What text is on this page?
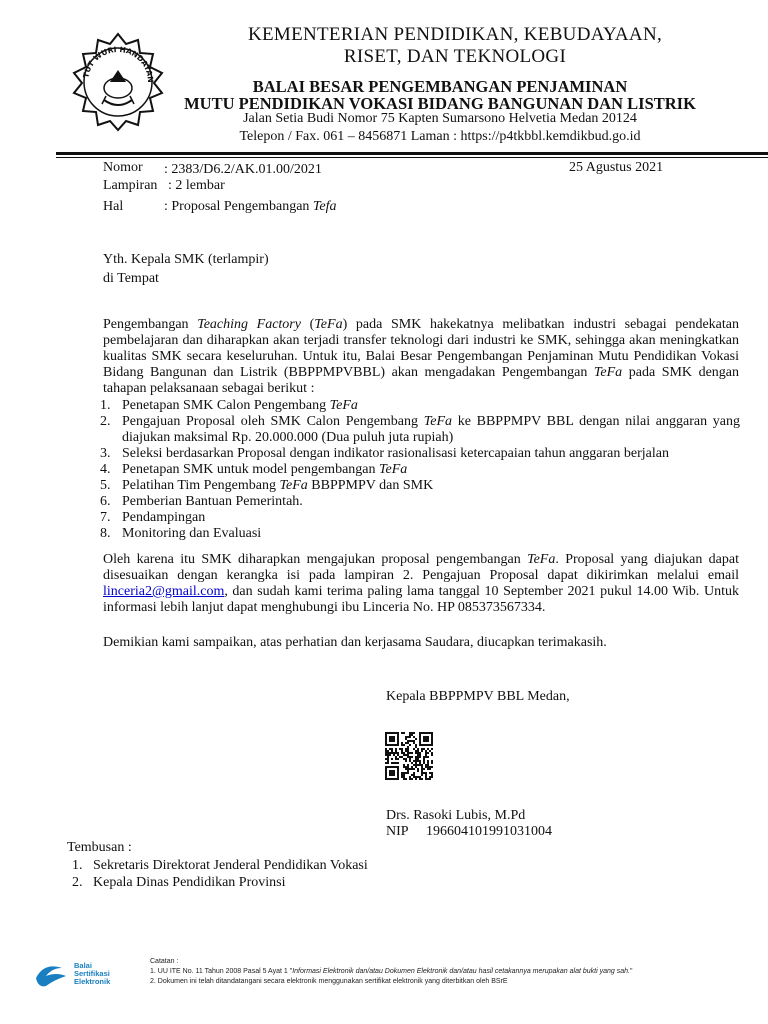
TUT WURI HANDAYAN
KEMENTERIAN PENDIDIKAN, KEBUDAYAAN,
RISET, DAN TEKNOLOGI
BALAI BESAR PENGEMBANGAN PENJAMINAN
MUTU PENDIDIKAN VOKASI BIDANG BANGUNAN DAN LISTRIK
Jalan Setia Budi Nomor 75 Kapten Sumarsono Helvetia Medan 20124
Telepon / Fax. 061 – 8456871 Laman : https://p4tkbbl.kemdikbud.go.id
Nomor : 2383/D6.2/AK.01.00/2021	25 Agustus 2021
Lampiran : 2 lembar
Hal	: Proposal Pengembangan Tefa
Yth. Kepala SMK (terlampir)
di Tempat
Pengembangan Teaching Factory (TeFa) pada SMK hakekatnya melibatkan industri sebagai pendekatan pembelajaran dan diharapkan akan terjadi transfer teknologi dari industri ke SMK, sehingga akan meningkatkan kualitas SMK secara keseluruhan. Untuk itu, Balai Besar Pengembangan Penjaminan Mutu Pendidikan Vokasi Bidang Bangunan dan Listrik (BBPPMPVBBL) akan mengadakan Pengembangan TeFa pada SMK dengan tahapan pelaksanaan sebagai berikut :
1. Penetapan SMK Calon Pengembang TeFa
2. Pengajuan Proposal oleh SMK Calon Pengembang TeFa ke BBPPMPV BBL dengan nilai anggaran yang diajukan maksimal Rp. 20.000.000 (Dua puluh juta rupiah)
3. Seleksi berdasarkan Proposal dengan indikator rasionalisasi ketercapaian tahun anggaran berjalan
4. Penetapan SMK untuk model pengembangan TeFa
5. Pelatihan Tim Pengembang TeFa BBPPMPV dan SMK
6. Pemberian Bantuan Pemerintah.
7. Pendampingan
8. Monitoring dan Evaluasi
Oleh karena itu SMK diharapkan mengajukan proposal pengembangan TeFa. Proposal yang diajukan dapat disesuaikan dengan kerangka isi pada lampiran 2. Pengajuan Proposal dapat dikirimkan melalui email linceria2@gmail.com, dan sudah kami terima paling lama tanggal 10 September 2021 pukul 14.00 Wib. Untuk informasi lebih lanjut dapat menghubungi ibu Linceria No. HP 085373567334.
Demikian kami sampaikan, atas perhatian dan kerjasama Saudara, diucapkan terimakasih.
Kepala BBPPMPV BBL Medan,
Drs. Rasoki Lubis, M.Pd
NIP 196604101991031004
Tembusan :
1. Sekretaris Direktorat Jenderal Pendidikan Vokasi
2. Kepala Dinas Pendidikan Provinsi
Balai
Sertifikasi
Elektronik
Catatan :
1. UU ITE No. 11 Tahun 2008 Pasal 5 Ayat 1 "Informasi Elektronik dan/atau Dokumen Elektronik dan/atau hasil cetakannya merupakan alat bukti yang sah."
2. Dokumen ini telah ditandatangani secara elektronik menggunakan sertifikat elektronik yang diterbitkan oleh BSrE
